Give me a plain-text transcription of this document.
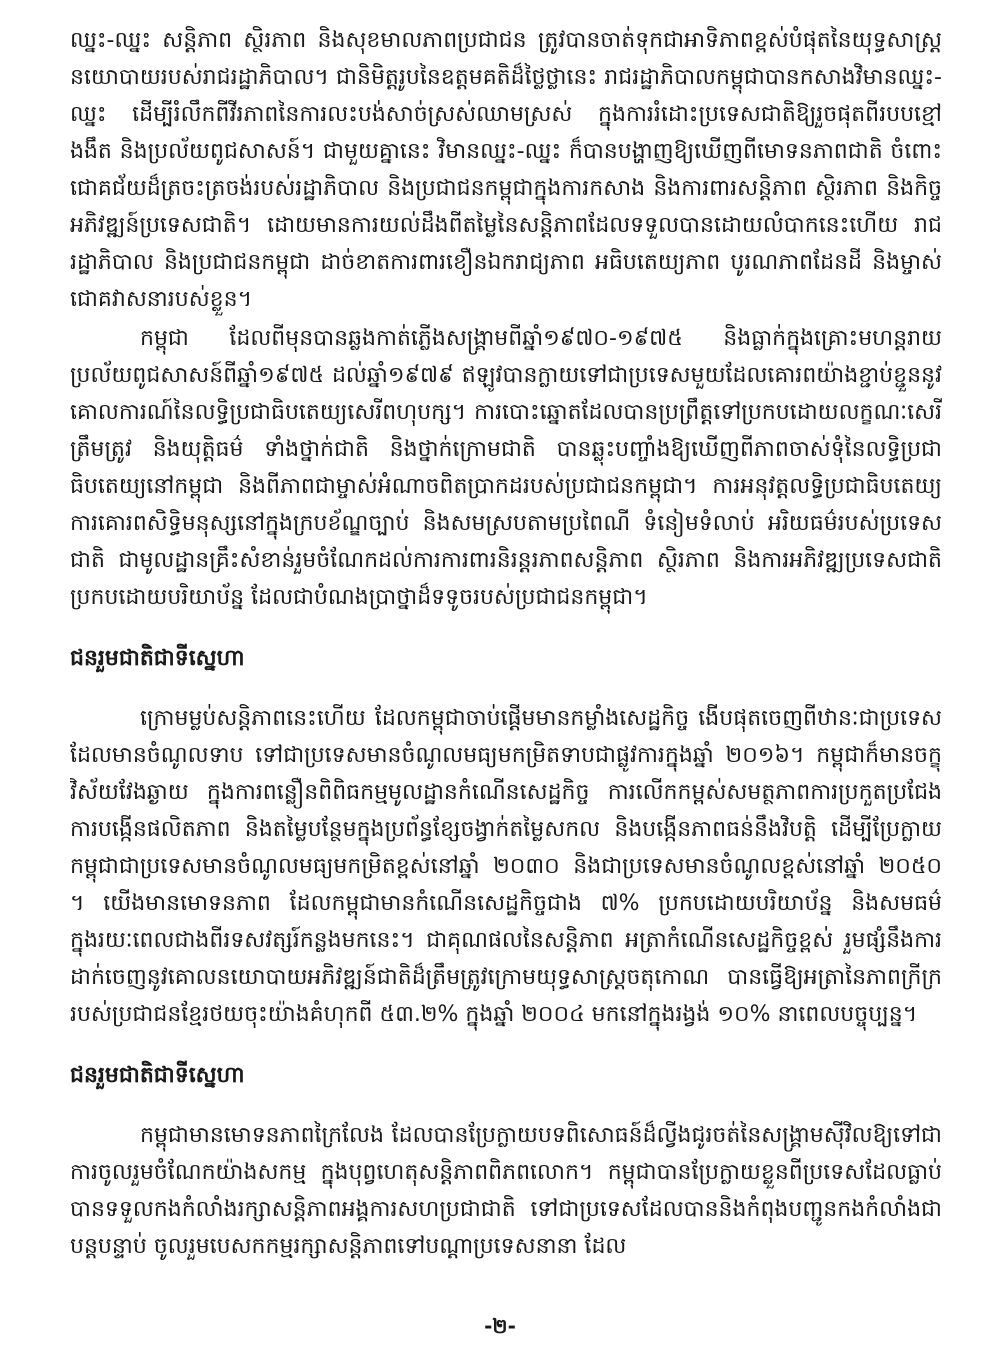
ឈ្នះ-ឈ្នះ សន្តិភាព ស្ថិរភាព និងសុខមាលភាពប្រជាជន ត្រូវបានចាត់ទុកជាអាទិភាពខ្ពស់បំផុតនៃយុទ្ធសាស្ត្រនយោបាយរបស់រាជរដ្ឋាភិបាល។ ជានិមិត្តរូបនៃឧត្តមគតិដ៏ថ្លៃថ្លានេះ រាជរដ្ឋាភិបាលកម្ពុជាបានកសាងវិមានឈ្នះ-ឈ្នះ ដើម្បីរំលឹកពីវីរភាពនៃការលះបង់សាច់ស្រស់ឈាមស្រស់ ក្នុងការរំដោះប្រទេសជាតិឱ្យរួចផុតពីរបបខ្មៅងងឹត និងប្រល័យពូជសាសន៍។ ជាមួយគ្នានេះ វិមានឈ្នះ-ឈ្នះ ក៏បានបង្ហាញឱ្យឃើញពីមោទនភាពជាតិ ចំពោះជោគជ័យដ៏ត្រចះត្រចង់របស់រដ្ឋាភិបាល និងប្រជាជនកម្ពុជាក្នុងការកសាង និងការពារសន្តិភាព ស្ថិរភាព និងកិច្ចអភិវឌ្ឍន៍ប្រទេសជាតិ។ ដោយមានការយល់ដឹងពីតម្លៃនៃសន្តិភាពដែលទទួលបានដោយលំបាកនេះហើយ រាជរដ្ឋាភិបាល និងប្រជាជនកម្ពុជា ដាច់ខាតការពារខឿនឯករាជ្យភាព អធិបតេយ្យភាព បូរណភាពដែនដី និងម្ចាស់ជោគវាសនារបស់ខ្លួន។

កម្ពុជា ដែលពីមុនបានឆ្លងកាត់ភ្លើងសង្គ្រាមពីឆ្នាំ១៩៧០-១៩៧៥ និងធ្លាក់ក្នុងគ្រោះមហន្តរាយប្រល័យពូជសាសន៍ពីឆ្នាំ១៩៧៥ ដល់ឆ្នាំ១៩៧៩ ឥឡូវបានក្លាយទៅជាប្រទេសមួយដែលគោរពយ៉ាងខ្ជាប់ខ្ជួននូវគោលការណ៍នៃលទ្ធិប្រជាធិបតេយ្យសេរីពហុបក្ស។ ការបោះឆ្នោតដែលបានប្រព្រឹត្តទៅប្រកបដោយលក្ខណៈសេរីត្រឹមត្រូវ និងយុត្តិធម៌ ទាំងថ្នាក់ជាតិ និងថ្នាក់ក្រោមជាតិ បានឆ្លុះបញ្ចាំងឱ្យឃើញពីភាពចាស់ទុំនៃលទ្ធិប្រជាធិបតេយ្យនៅកម្ពុជា និងពីភាពជាម្ចាស់អំណាចពិតប្រាកដរបស់ប្រជាជនកម្ពុជា។ ការអនុវត្តលទ្ធិប្រជាធិបតេយ្យ ការគោរពសិទ្ធិមនុស្សនៅក្នុងក្របខ័ណ្ឌច្បាប់ និងសមស្របតាមប្រពៃណី ទំនៀមទំលាប់ អរិយធម៌របស់ប្រទេសជាតិ ជាមូលដ្ឋានគ្រឹះសំខាន់រួមចំណែកដល់ការការពារនិរន្តរភាពសន្តិភាព ស្ថិរភាព និងការអភិវឌ្ឍប្រទេសជាតិប្រកបដោយបរិយាប័ន្ន ដែលជាបំណងប្រាថ្នាដ៏ទទូចរបស់ប្រជាជនកម្ពុជា។

ជនរួមជាតិជាទីស្នេហា

ក្រោមម្លប់សន្តិភាពនេះហើយ ដែលកម្ពុជាចាប់ផ្តើមមានកម្លាំងសេដ្ឋកិច្ច ងើបផុតចេញពីឋានៈជាប្រទេសដែលមានចំណូលទាប ទៅជាប្រទេសមានចំណូលមធ្យមកម្រិតទាបជាផ្លូវការក្នុងឆ្នាំ ២០១៦។ កម្ពុជាក៏មានចក្ខុវិស័យវែងឆ្ងាយ ក្នុងការពន្លឿនពិពិធកម្មមូលដ្ឋានកំណើនសេដ្ឋកិច្ច ការលើកកម្ពស់សមត្ថភាពការប្រកួតប្រជែង ការបង្កើនផលិតភាព និងតម្លៃបន្ថែមក្នុងប្រព័ន្ធខ្សែចង្វាក់តម្លៃសកល និងបង្កើនភាពធន់នឹងវិបត្តិ ដើម្បីប្រែក្លាយកម្ពុជាជាប្រទេសមានចំណូលមធ្យមកម្រិតខ្ពស់នៅឆ្នាំ ២០៣០ និងជាប្រទេសមានចំណូលខ្ពស់នៅឆ្នាំ ២០៥០ ។ យើងមានមោទនភាព ដែលកម្ពុជាមានកំណើនសេដ្ឋកិច្ចជាង ៧% ប្រកបដោយបរិយាប័ន្ន និងសមធម៌ ក្នុងរយៈពេលជាងពីរទសវត្សរ៍កន្លងមកនេះ។ ជាគុណផលនៃសន្តិភាព អត្រាកំណើនសេដ្ឋកិច្ចខ្ពស់ រួមផ្សំនឹងការដាក់ចេញនូវគោលនយោបាយអភិវឌ្ឍន៍ជាតិដ៏ត្រឹមត្រូវក្រោមយុទ្ធសាស្ត្រចតុកោណ បានធ្វើឱ្យអត្រានៃភាពក្រីក្ររបស់ប្រជាជនខ្មែរថយចុះយ៉ាងគំហុកពី ៥៣.២% ក្នុងឆ្នាំ ២០០៤ មកនៅក្នុងរង្វង់ ១០% នាពេលបច្ចុប្បន្ន។

ជនរួមជាតិជាទីស្នេហា

កម្ពុជាមានមោទនភាពក្រៃលែង ដែលបានប្រែក្លាយបទពិសោធន៍ដ៏ល្វីងជូរចត់នៃសង្គ្រាមស៊ីវិលឱ្យទៅជាការចូលរួមចំណែកយ៉ាងសកម្ម ក្នុងបុព្វហេតុសន្តិភាពពិភពលោក។ កម្ពុជាបានប្រែក្លាយខ្លួនពីប្រទេសដែលធ្លាប់បានទទួលកងកំលាំងរក្សាសន្តិភាពអង្គការសហប្រជាជាតិ ទៅជាប្រទេសដែលបាននិងកំពុងបញ្ជូនកងកំលាំងជាបន្តបន្ទាប់ ចូលរួមបេសកកម្មរក្សាសន្តិភាពទៅបណ្តាប្រទេសនានា ដែល

-២-
